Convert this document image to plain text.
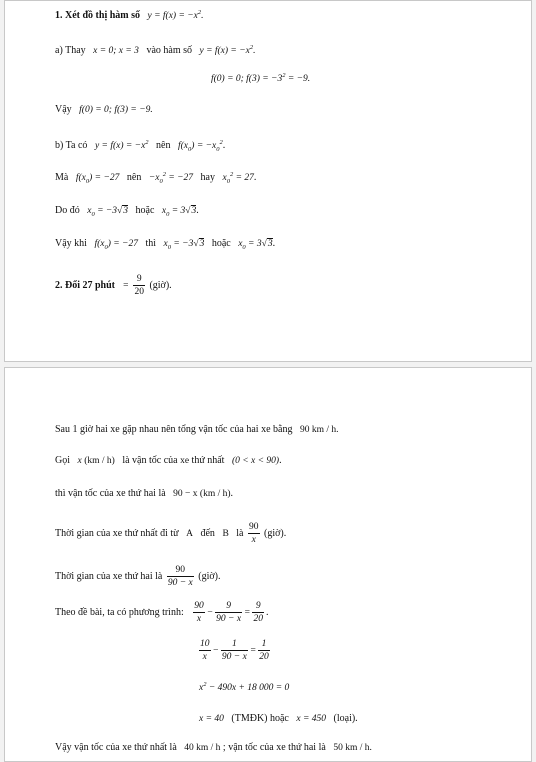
1. Xét đồ thị hàm số $y = f(x) = -x^2$.
a) Thay x = 0; x = 3 vào hàm số $y = f(x) = -x^2$.
f(0) = 0; $f(3) = -3^2 = -9$.
Vậy f(0) = 0; f(3) = −9.
b) Ta có $y = f(x) = -x^2$ nên $f(x_0) = -x_0^2$.
Mà $f(x_0) = -27$ nên $-x_0^2 = -27$ hay $x_0^2 = 27$.
Do đó $x_0 = -3√3$ hoặc $x_0 = 3√3$.
Vậy khi $f(x_0) = -27$ thì $x_0 = -3√3$ hoặc $x_0 = 3√3$.
2. Đổi 27 phút = $\frac{9}{20}$ (giờ).
Sau 1 giờ hai xe gặp nhau nên tổng vận tốc của hai xe bằng 90 km / h.
Gọi x (km / h) là vận tốc của xe thứ nhất (0 < x < 90).
thì vận tốc của xe thứ hai là 90 − x (km / h).
Thời gian của xe thứ nhất đi từ A đến B là $\frac{90}{x}$ (giờ).
Thời gian của xe thứ hai là $\frac{90}{90 - x}$ (giờ).
Theo đề bài, ta có phương trình: $\frac{90}{x} - \frac{9}{90 - x} = \frac{9}{20}$ .
$\frac{10}{x} - \frac{1}{90 - x} = \frac{1}{20}$
$x^2 - 490x + 18$ 000 = 0
x = 40 (TMĐK) hoặc x = 450 (loại).
Vậy vận tốc của xe thứ nhất là 40 km / h ; vận tốc của xe thứ hai là 50 km / h.
